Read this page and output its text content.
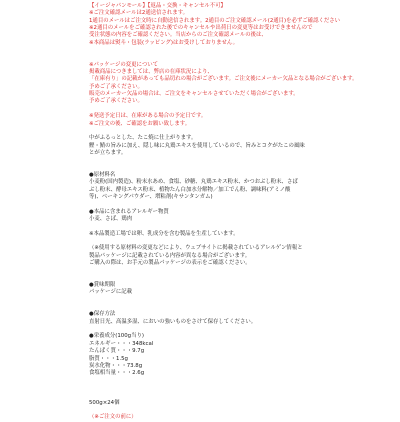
【イージャパンモール】【返品・交換・キャンセル不可】
※ご注文確認メールは2通送信されます。
1通目のメールはご注文時に自動送信されます。2通目のご注文確認メール(2通目)を必ずご確認ください
※2通目のメールをご確認された後でのキャンセルや出荷日の変更等はお受けできませんので
受注状態の内容をご確認ください。当店からのご注文確認メールの後は、
※本商品は熨斗・包装(ラッピング)はお受けしておりません。
※パッケージの変更について
掲載商品につきましては、弊店の在庫状況により、
「在庫有り」の記載があっても品切れの場合がございます。ご注文後にメーカー欠品となる場合がございます。
予めご了承ください。
販売のメーカー欠品の場合は、ご注文をキャンセルさせていただく場合がございます。
予めご了承ください。
※発送予定日は、在庫がある場合の予定日です。
※ご注文の後、ご確認をお願い致します。
中がふるっとした、たこ焼に仕上がります。
鰹・鯖の旨みに加え、隠し味に丸鶏エキスを使用しているので、旨みとコクがたこの風味
とが立ちます。
●原材料名
小麦粉(国内製造)、粉末水あめ、食塩、砂糖、丸鶏エキス粉末、かつおぶし粉末、さば
ぶし粉末、酵母エキス粉末、植物たん白加水分解物／加工でん粉、調味料(アミノ酸
等)、ベーキングパウダー、増粘剤(キサンタンガム)
●本品に含まれるアレルギー物質
小麦、さば、鶏肉
※本品製造工場では卵、乳成分を含む製品を生産しています。
（※使用する原材料の変更などにより、ウェブサイトに掲載されているアレルゲン情報と
製品パッケージに記載されている内容が異なる場合がございます。
ご購入の際は、お手元の製品パッケージの表示をご確認ください。
●賞味期限
パッケージに記載
●保存方法
直射日光、高温多湿、においの強いものをさけて保存してください。
●栄養成分(100g当り)
エネルギー・・・348kcal
たんぱく質・・・9.7g
脂質・・・1.5g
炭水化物・・・73.8g
食塩相当量・・・2.6g
500g×24個
（※ご注文の前に）
